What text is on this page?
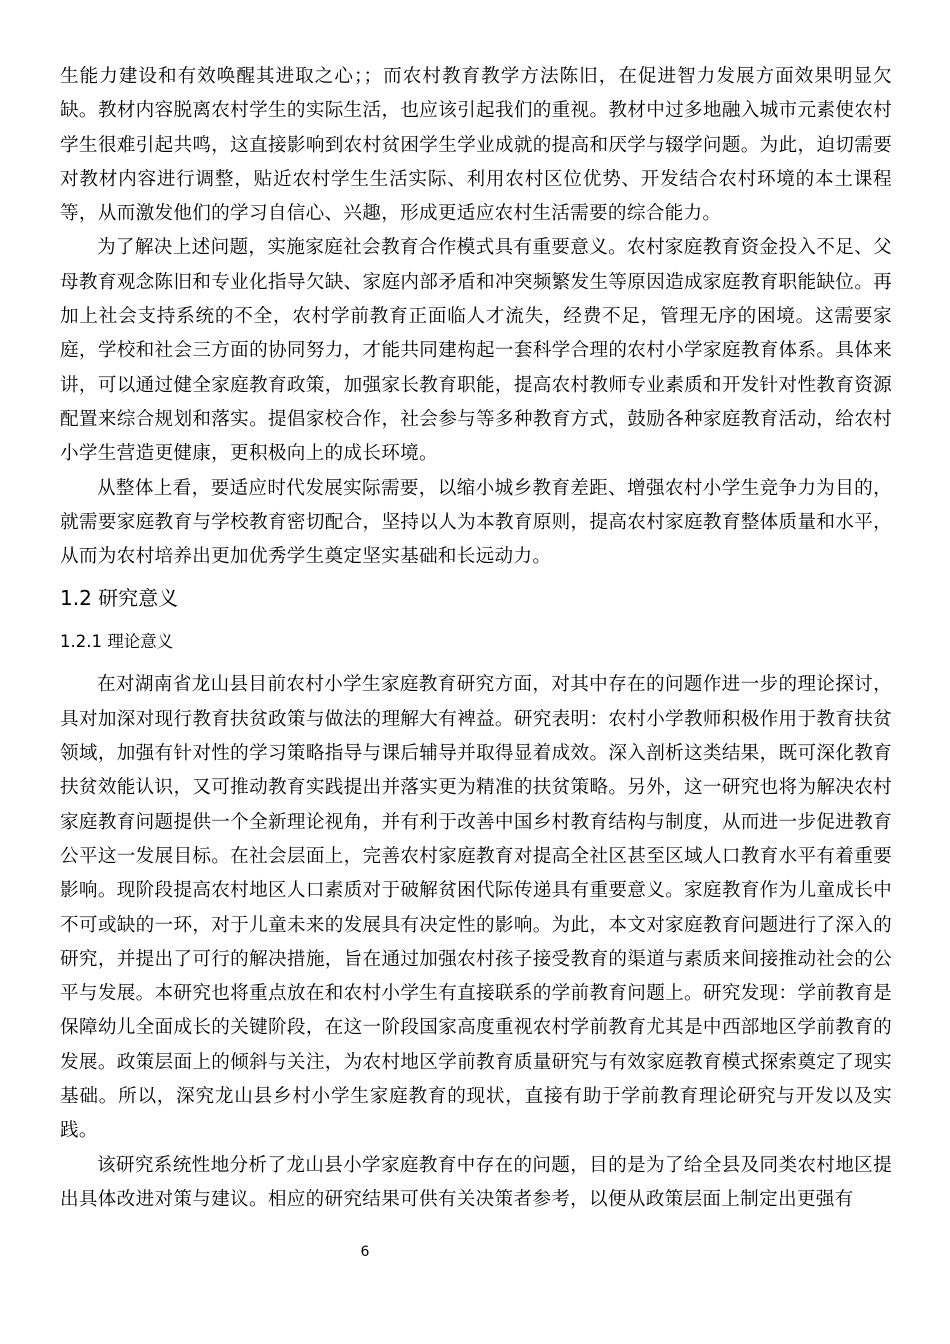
生能力建设和有效唤醒其进取之心；；而农村教育教学方法陈旧，在促进智力发展方面效果明显欠缺。教材内容脱离农村学生的实际生活，也应该引起我们的重视。教材中过多地融入城市元素使农村学生很难引起共鸣，这直接影响到农村贫困学生学业成就的提高和厌学与辍学问题。为此，迫切需要对教材内容进行调整，贴近农村学生生活实际、利用农村区位优势、开发结合农村环境的本土课程等，从而激发他们的学习自信心、兴趣，形成更适应农村生活需要的综合能力。

为了解决上述问题，实施家庭社会教育合作模式具有重要意义。农村家庭教育资金投入不足、父母教育观念陈旧和专业化指导欠缺、家庭内部矛盾和冲突频繁发生等原因造成家庭教育职能缺位。再加上社会支持系统的不全，农村学前教育正面临人才流失，经费不足，管理无序的困境。这需要家庭，学校和社会三方面的协同努力，才能共同建构起一套科学合理的农村小学家庭教育体系。具体来讲，可以通过健全家庭教育政策，加强家长教育职能，提高农村教师专业素质和开发针对性教育资源配置来综合规划和落实。提倡家校合作，社会参与等多种教育方式，鼓励各种家庭教育活动，给农村小学生营造更健康，更积极向上的成长环境。

从整体上看，要适应时代发展实际需要，以缩小城乡教育差距、增强农村小学生竞争力为目的，就需要家庭教育与学校教育密切配合，坚持以人为本教育原则，提高农村家庭教育整体质量和水平，从而为农村培养出更加优秀学生奠定坚实基础和长远动力。

1.2 研究意义
1.2.1 理论意义

在对湖南省龙山县目前农村小学生家庭教育研究方面，对其中存在的问题作进一步的理论探讨，具对加深对现行教育扶贫政策与做法的理解大有裨益。研究表明：农村小学教师积极作用于教育扶贫领域，加强有针对性的学习策略指导与课后辅导并取得显着成效。深入剖析这类结果，既可深化教育扶贫效能认识，又可推动教育实践提出并落实更为精准的扶贫策略。另外，这一研究也将为解决农村家庭教育问题提供一个全新理论视角，并有利于改善中国乡村教育结构与制度，从而进一步促进教育公平这一发展目标。在社会层面上，完善农村家庭教育对提高全社区甚至区域人口教育水平有着重要影响。现阶段提高农村地区人口素质对于破解贫困代际传递具有重要意义。家庭教育作为儿童成长中不可或缺的一环，对于儿童未来的发展具有决定性的影响。为此，本文对家庭教育问题进行了深入的研究，并提出了可行的解决措施，旨在通过加强农村孩子接受教育的渠道与素质来间接推动社会的公平与发展。本研究也将重点放在和农村小学生有直接联系的学前教育问题上。研究发现：学前教育是保障幼儿全面成长的关键阶段，在这一阶段国家高度重视农村学前教育尤其是中西部地区学前教育的发展。政策层面上的倾斜与关注，为农村地区学前教育质量研究与有效家庭教育模式探索奠定了现实基础。所以，深究龙山县乡村小学生家庭教育的现状，直接有助于学前教育理论研究与开发以及实践。

该研究系统性地分析了龙山县小学家庭教育中存在的问题，目的是为了给全县及同类农村地区提出具体改进对策与建议。相应的研究结果可供有关决策者参考，以便从政策层面上制定出更强有

6
